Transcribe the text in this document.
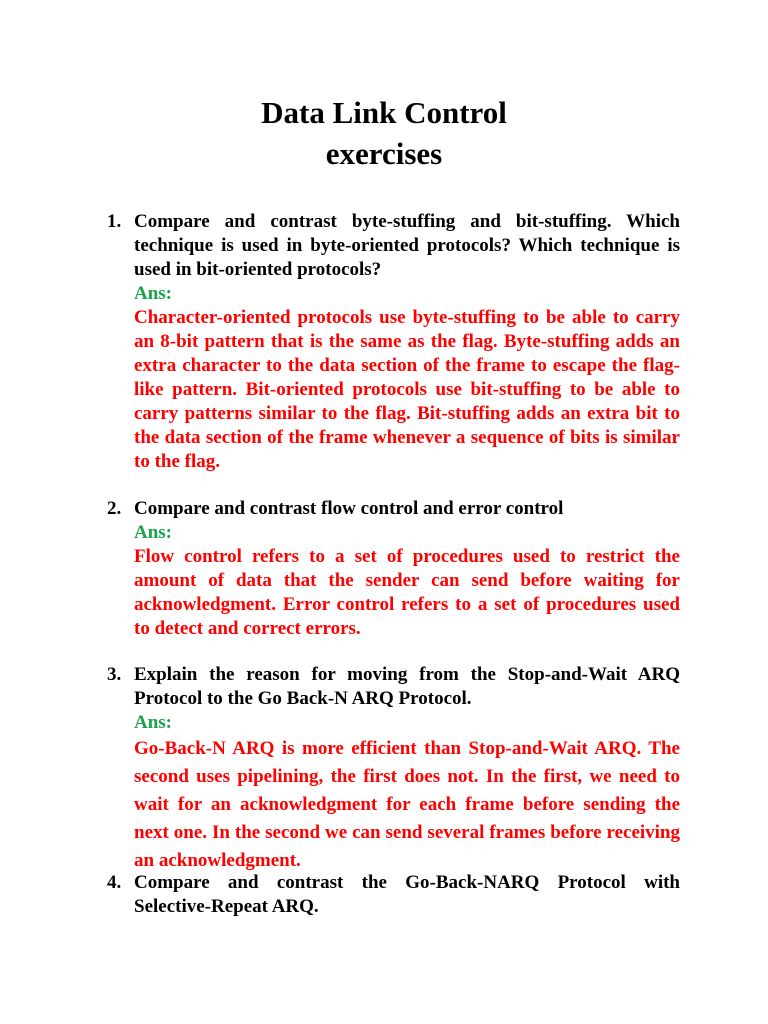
Data Link Control
exercises
1. Compare and contrast byte-stuffing and bit-stuffing. Which technique is used in byte-oriented protocols? Which technique is used in bit-oriented protocols?
Ans:
Character-oriented protocols use byte-stuffing to be able to carry an 8-bit pattern that is the same as the flag. Byte-stuffing adds an extra character to the data section of the frame to escape the flag-like pattern. Bit-oriented protocols use bit-stuffing to be able to carry patterns similar to the flag. Bit-stuffing adds an extra bit to the data section of the frame whenever a sequence of bits is similar to the flag.
2. Compare and contrast flow control and error control
Ans:
Flow control refers to a set of procedures used to restrict the amount of data that the sender can send before waiting for acknowledgment. Error control refers to a set of procedures used to detect and correct errors.
3. Explain the reason for moving from the Stop-and-Wait ARQ Protocol to the Go Back-N ARQ Protocol.
Ans:
Go-Back-N ARQ is more efficient than Stop-and-Wait ARQ. The second uses pipelining, the first does not. In the first, we need to wait for an acknowledgment for each frame before sending the next one. In the second we can send several frames before receiving an acknowledgment.
4. Compare and contrast the Go-Back-NARQ Protocol with Selective-Repeat ARQ.
